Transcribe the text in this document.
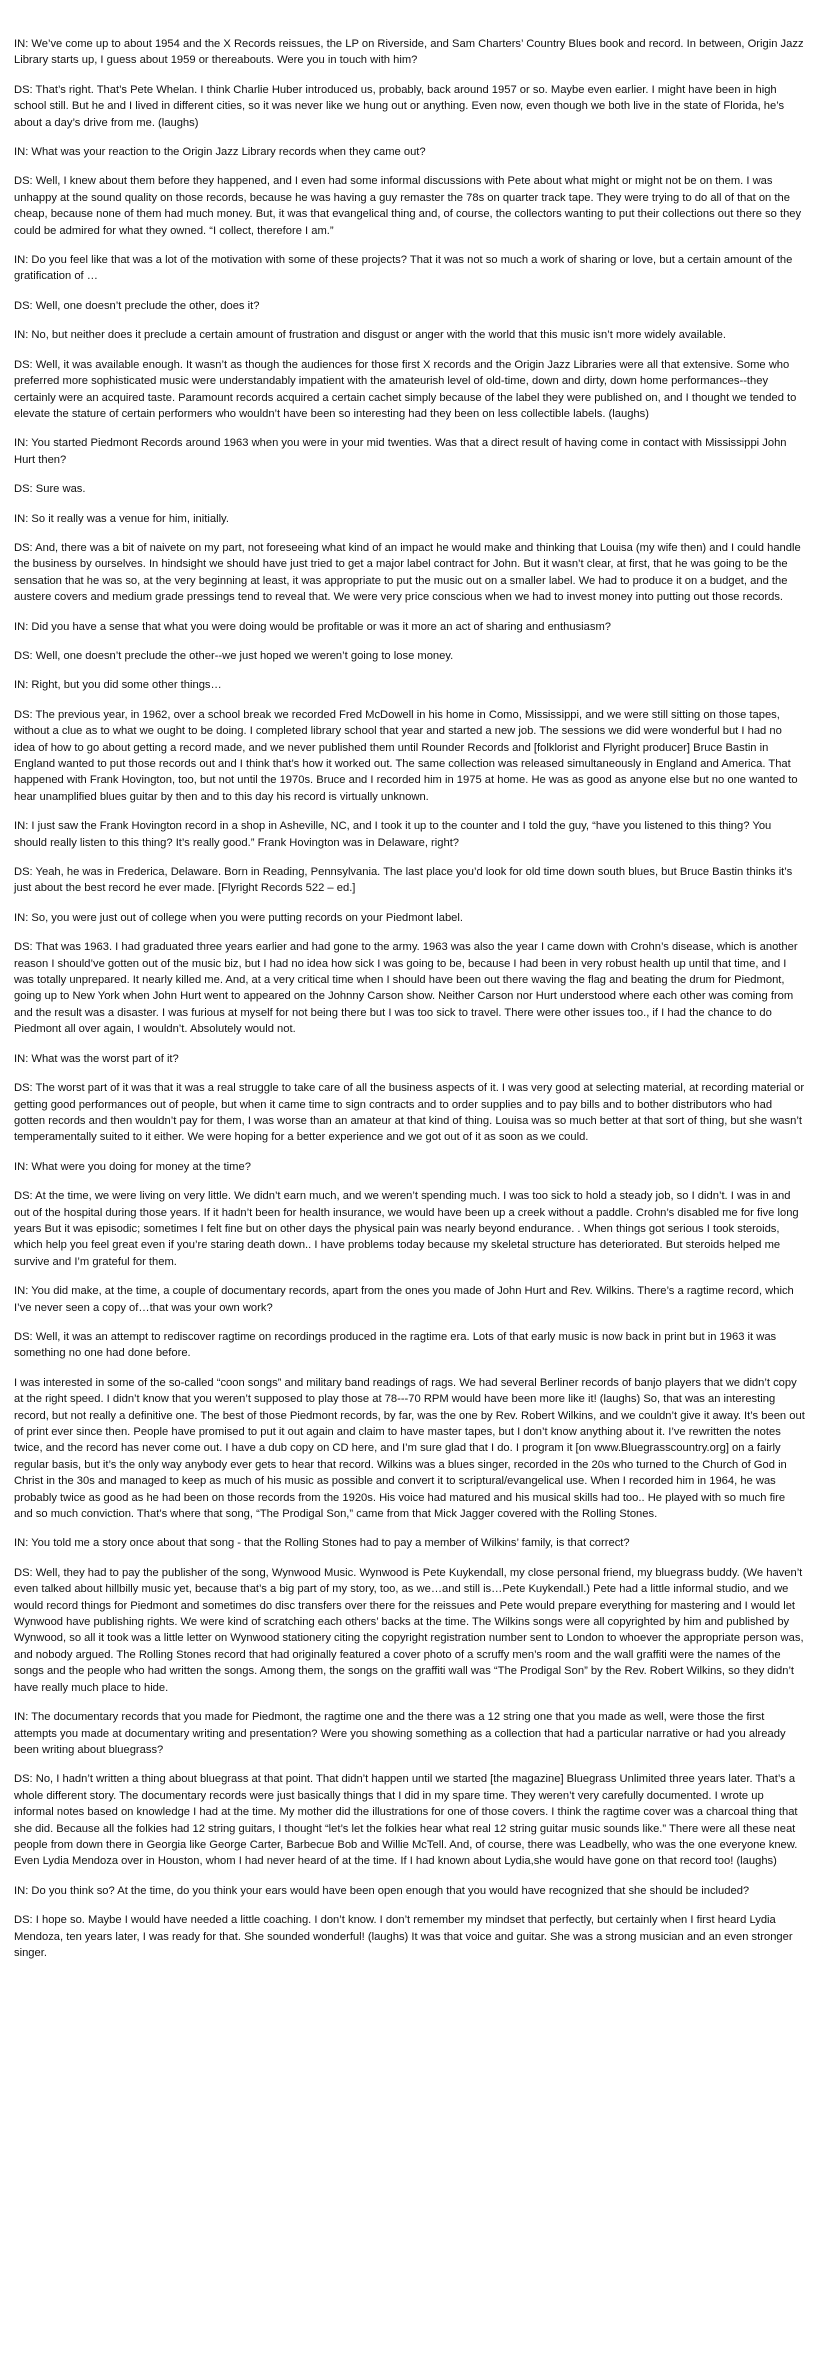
IN: We’ve come up to about 1954 and the X Records reissues, the LP on Riverside, and Sam Charters’ Country Blues book and record. In between, Origin Jazz Library starts up, I guess about 1959 or thereabouts. Were you in touch with him?

DS: That’s right. That’s Pete Whelan. I think Charlie Huber introduced us, probably, back around 1957 or so. Maybe even earlier. I might have been in high school still. But he and I lived in different cities, so it was never like we hung out or anything. Even now, even though we both live in the state of Florida, he’s about a day’s drive from me. (laughs)

IN: What was your reaction to the Origin Jazz Library records when they came out?

DS: Well, I knew about them before they happened, and I even had some informal discussions with Pete about what might or might not be on them. I was unhappy at the sound quality on those records, because he was having a guy remaster the 78s on quarter track tape. They were trying to do all of that on the cheap, because none of them had much money. But, it was that evangelical thing and, of course, the collectors wanting to put their collections out there so they could be admired for what they owned. “I collect, therefore I am.”

IN: Do you feel like that was a lot of the motivation with some of these projects? That it was not so much a work of sharing or love, but a certain amount of the gratification of …

DS: Well, one doesn’t preclude the other, does it?

IN: No, but neither does it preclude a certain amount of frustration and disgust or anger with the world that this music isn’t more widely available.

DS: Well, it was available enough. It wasn’t as though the audiences for those first X records and the Origin Jazz Libraries were all that extensive. Some who preferred more sophisticated music were understandably impatient with the amateurish level of old-time, down and dirty, down home performances--they certainly were an acquired taste. Paramount records acquired a certain cachet simply because of the label they were published on, and I thought we tended to elevate the stature of certain performers who wouldn’t have been so interesting had they been on less collectible labels. (laughs)

IN: You started Piedmont Records around 1963 when you were in your mid twenties. Was that a direct result of having come in contact with Mississippi John Hurt then?

DS: Sure was.

IN: So it really was a venue for him, initially.

DS: And, there was a bit of naivete on my part, not foreseeing what kind of an impact he would make and thinking that Louisa (my wife then) and I could handle the business by ourselves. In hindsight we should have just tried to get a major label contract for John. But it wasn’t clear, at first, that he was going to be the sensation that he was so, at the very beginning at least, it was appropriate to put the music out on a smaller label. We had to produce it on a budget, and the austere covers and medium grade pressings tend to reveal that. We were very price conscious when we had to invest money into putting out those records.

IN: Did you have a sense that what you were doing would be profitable or was it more an act of sharing and enthusiasm?

DS: Well, one doesn’t preclude the other--we just hoped we weren’t going to lose money.

IN: Right, but you did some other things…

DS: The previous year, in 1962, over a school break we recorded Fred McDowell in his home in Como, Mississippi, and we were still sitting on those tapes, without a clue as to what we ought to be doing. I completed library school that year and started a new job. The sessions we did were wonderful but I had no idea of how to go about getting a record made, and we never published them until Rounder Records and [folklorist and Flyright producer] Bruce Bastin in England wanted to put those records out and I think that’s how it worked out. The same collection was released simultaneously in England and America. That happened with Frank Hovington, too, but not until the 1970s. Bruce and I recorded him in 1975 at home. He was as good as anyone else but no one wanted to hear unamplified blues guitar by then and to this day his record is virtually unknown.

IN: I just saw the Frank Hovington record in a shop in Asheville, NC, and I took it up to the counter and I told the guy, “have you listened to this thing? You should really listen to this thing? It’s really good.” Frank Hovington was in Delaware, right?

DS: Yeah, he was in Frederica, Delaware. Born in Reading, Pennsylvania. The last place you’d look for old time down south blues, but Bruce Bastin thinks it’s just about the best record he ever made. [Flyright Records 522 – ed.]

IN: So, you were just out of college when you were putting records on your Piedmont label.

DS: That was 1963. I had graduated three years earlier and had gone to the army. 1963 was also the year I came down with Crohn’s disease, which is another reason I should’ve gotten out of the music biz, but I had no idea how sick I was going to be, because I had been in very robust health up until that time, and I was totally unprepared. It nearly killed me. And, at a very critical time when I should have been out there waving the flag and beating the drum for Piedmont, going up to New York when John Hurt went to appeared on the Johnny Carson show. Neither Carson nor Hurt understood where each other was coming from and the result was a disaster. I was furious at myself for not being there but I was too sick to travel. There were other issues too., if I had the chance to do Piedmont all over again, I wouldn’t. Absolutely would not.

IN: What was the worst part of it?

DS: The worst part of it was that it was a real struggle to take care of all the business aspects of it. I was very good at selecting material, at recording material or getting good performances out of people, but when it came time to sign contracts and to order supplies and to pay bills and to bother distributors who had gotten records and then wouldn’t pay for them, I was worse than an amateur at that kind of thing. Louisa was so much better at that sort of thing, but she wasn’t temperamentally suited to it either. We were hoping for a better experience and we got out of it as soon as we could.

IN: What were you doing for money at the time?

DS: At the time, we were living on very little. We didn’t earn much, and we weren’t spending much. I was too sick to hold a steady job, so I didn’t. I was in and out of the hospital during those years. If it hadn’t been for health insurance, we would have been up a creek without a paddle. Crohn’s disabled me for five long years But it was episodic; sometimes I felt fine but on other days the physical pain was nearly beyond endurance. . When things got serious I took steroids, which help you feel great even if you’re staring death down.. I have problems today because my skeletal structure has deteriorated. But steroids helped me survive and I’m grateful for them.

IN: You did make, at the time, a couple of documentary records, apart from the ones you made of John Hurt and Rev. Wilkins. There’s a ragtime record, which I’ve never seen a copy of…that was your own work?

DS: Well, it was an attempt to rediscover ragtime on recordings produced in the ragtime era. Lots of that early music is now back in print but in 1963 it was something no one had done before.

I was interested in some of the so-called “coon songs” and military band readings of rags. We had several Berliner records of banjo players that we didn’t copy at the right speed. I didn’t know that you weren’t supposed to play those at 78---70 RPM would have been more like it! (laughs) So, that was an interesting record, but not really a definitive one. The best of those Piedmont records, by far, was the one by Rev. Robert Wilkins, and we couldn’t give it away. It’s been out of print ever since then. People have promised to put it out again and claim to have master tapes, but I don’t know anything about it. I’ve rewritten the notes twice, and the record has never come out. I have a dub copy on CD here, and I’m sure glad that I do. I program it [on www.Bluegrasscountry.org] on a fairly regular basis, but it’s the only way anybody ever gets to hear that record. Wilkins was a blues singer, recorded in the 20s who turned to the Church of God in Christ in the 30s and managed to keep as much of his music as possible and convert it to scriptural/evangelical use. When I recorded him in 1964, he was probably twice as good as he had been on those records from the 1920s. His voice had matured and his musical skills had too.. He played with so much fire and so much conviction. That’s where that song, “The Prodigal Son,” came from that Mick Jagger covered with the Rolling Stones.

IN: You told me a story once about that song - that the Rolling Stones had to pay a member of Wilkins’ family, is that correct?

DS: Well, they had to pay the publisher of the song, Wynwood Music. Wynwood is Pete Kuykendall, my close personal friend, my bluegrass buddy. (We haven’t even talked about hillbilly music yet, because that’s a big part of my story, too, as we…and still is…Pete Kuykendall.) Pete had a little informal studio, and we would record things for Piedmont and sometimes do disc transfers over there for the reissues and Pete would prepare everything for mastering and I would let Wynwood have publishing rights. We were kind of scratching each others’ backs at the time. The Wilkins songs were all copyrighted by him and published by Wynwood, so all it took was a little letter on Wynwood stationery citing the copyright registration number sent to London to whoever the appropriate person was, and nobody argued. The Rolling Stones record that had originally featured a cover photo of a scruffy men’s room and the wall graffiti were the names of the songs and the people who had written the songs. Among them, the songs on the graffiti wall was “The Prodigal Son” by the Rev. Robert Wilkins, so they didn’t have really much place to hide.

IN: The documentary records that you made for Piedmont, the ragtime one and the there was a 12 string one that you made as well, were those the first attempts you made at documentary writing and presentation? Were you showing something as a collection that had a particular narrative or had you already been writing about bluegrass?

DS: No, I hadn’t written a thing about bluegrass at that point. That didn’t happen until we started [the magazine] Bluegrass Unlimited three years later. That’s a whole different story. The documentary records were just basically things that I did in my spare time. They weren’t very carefully documented. I wrote up informal notes based on knowledge I had at the time. My mother did the illustrations for one of those covers. I think the ragtime cover was a charcoal thing that she did. Because all the folkies had 12 string guitars, I thought “let’s let the folkies hear what real 12 string guitar music sounds like.” There were all these neat people from down there in Georgia like George Carter, Barbecue Bob and Willie McTell. And, of course, there was Leadbelly, who was the one everyone knew. Even Lydia Mendoza over in Houston, whom I had never heard of at the time. If I had known about Lydia,she would have gone on that record too! (laughs)

IN: Do you think so? At the time, do you think your ears would have been open enough that you would have recognized that she should be included?

DS: I hope so. Maybe I would have needed a little coaching. I don’t know. I don’t remember my mindset that perfectly, but certainly when I first heard Lydia Mendoza, ten years later, I was ready for that. She sounded wonderful! (laughs) It was that voice and guitar. She was a strong musician and an even stronger singer.
